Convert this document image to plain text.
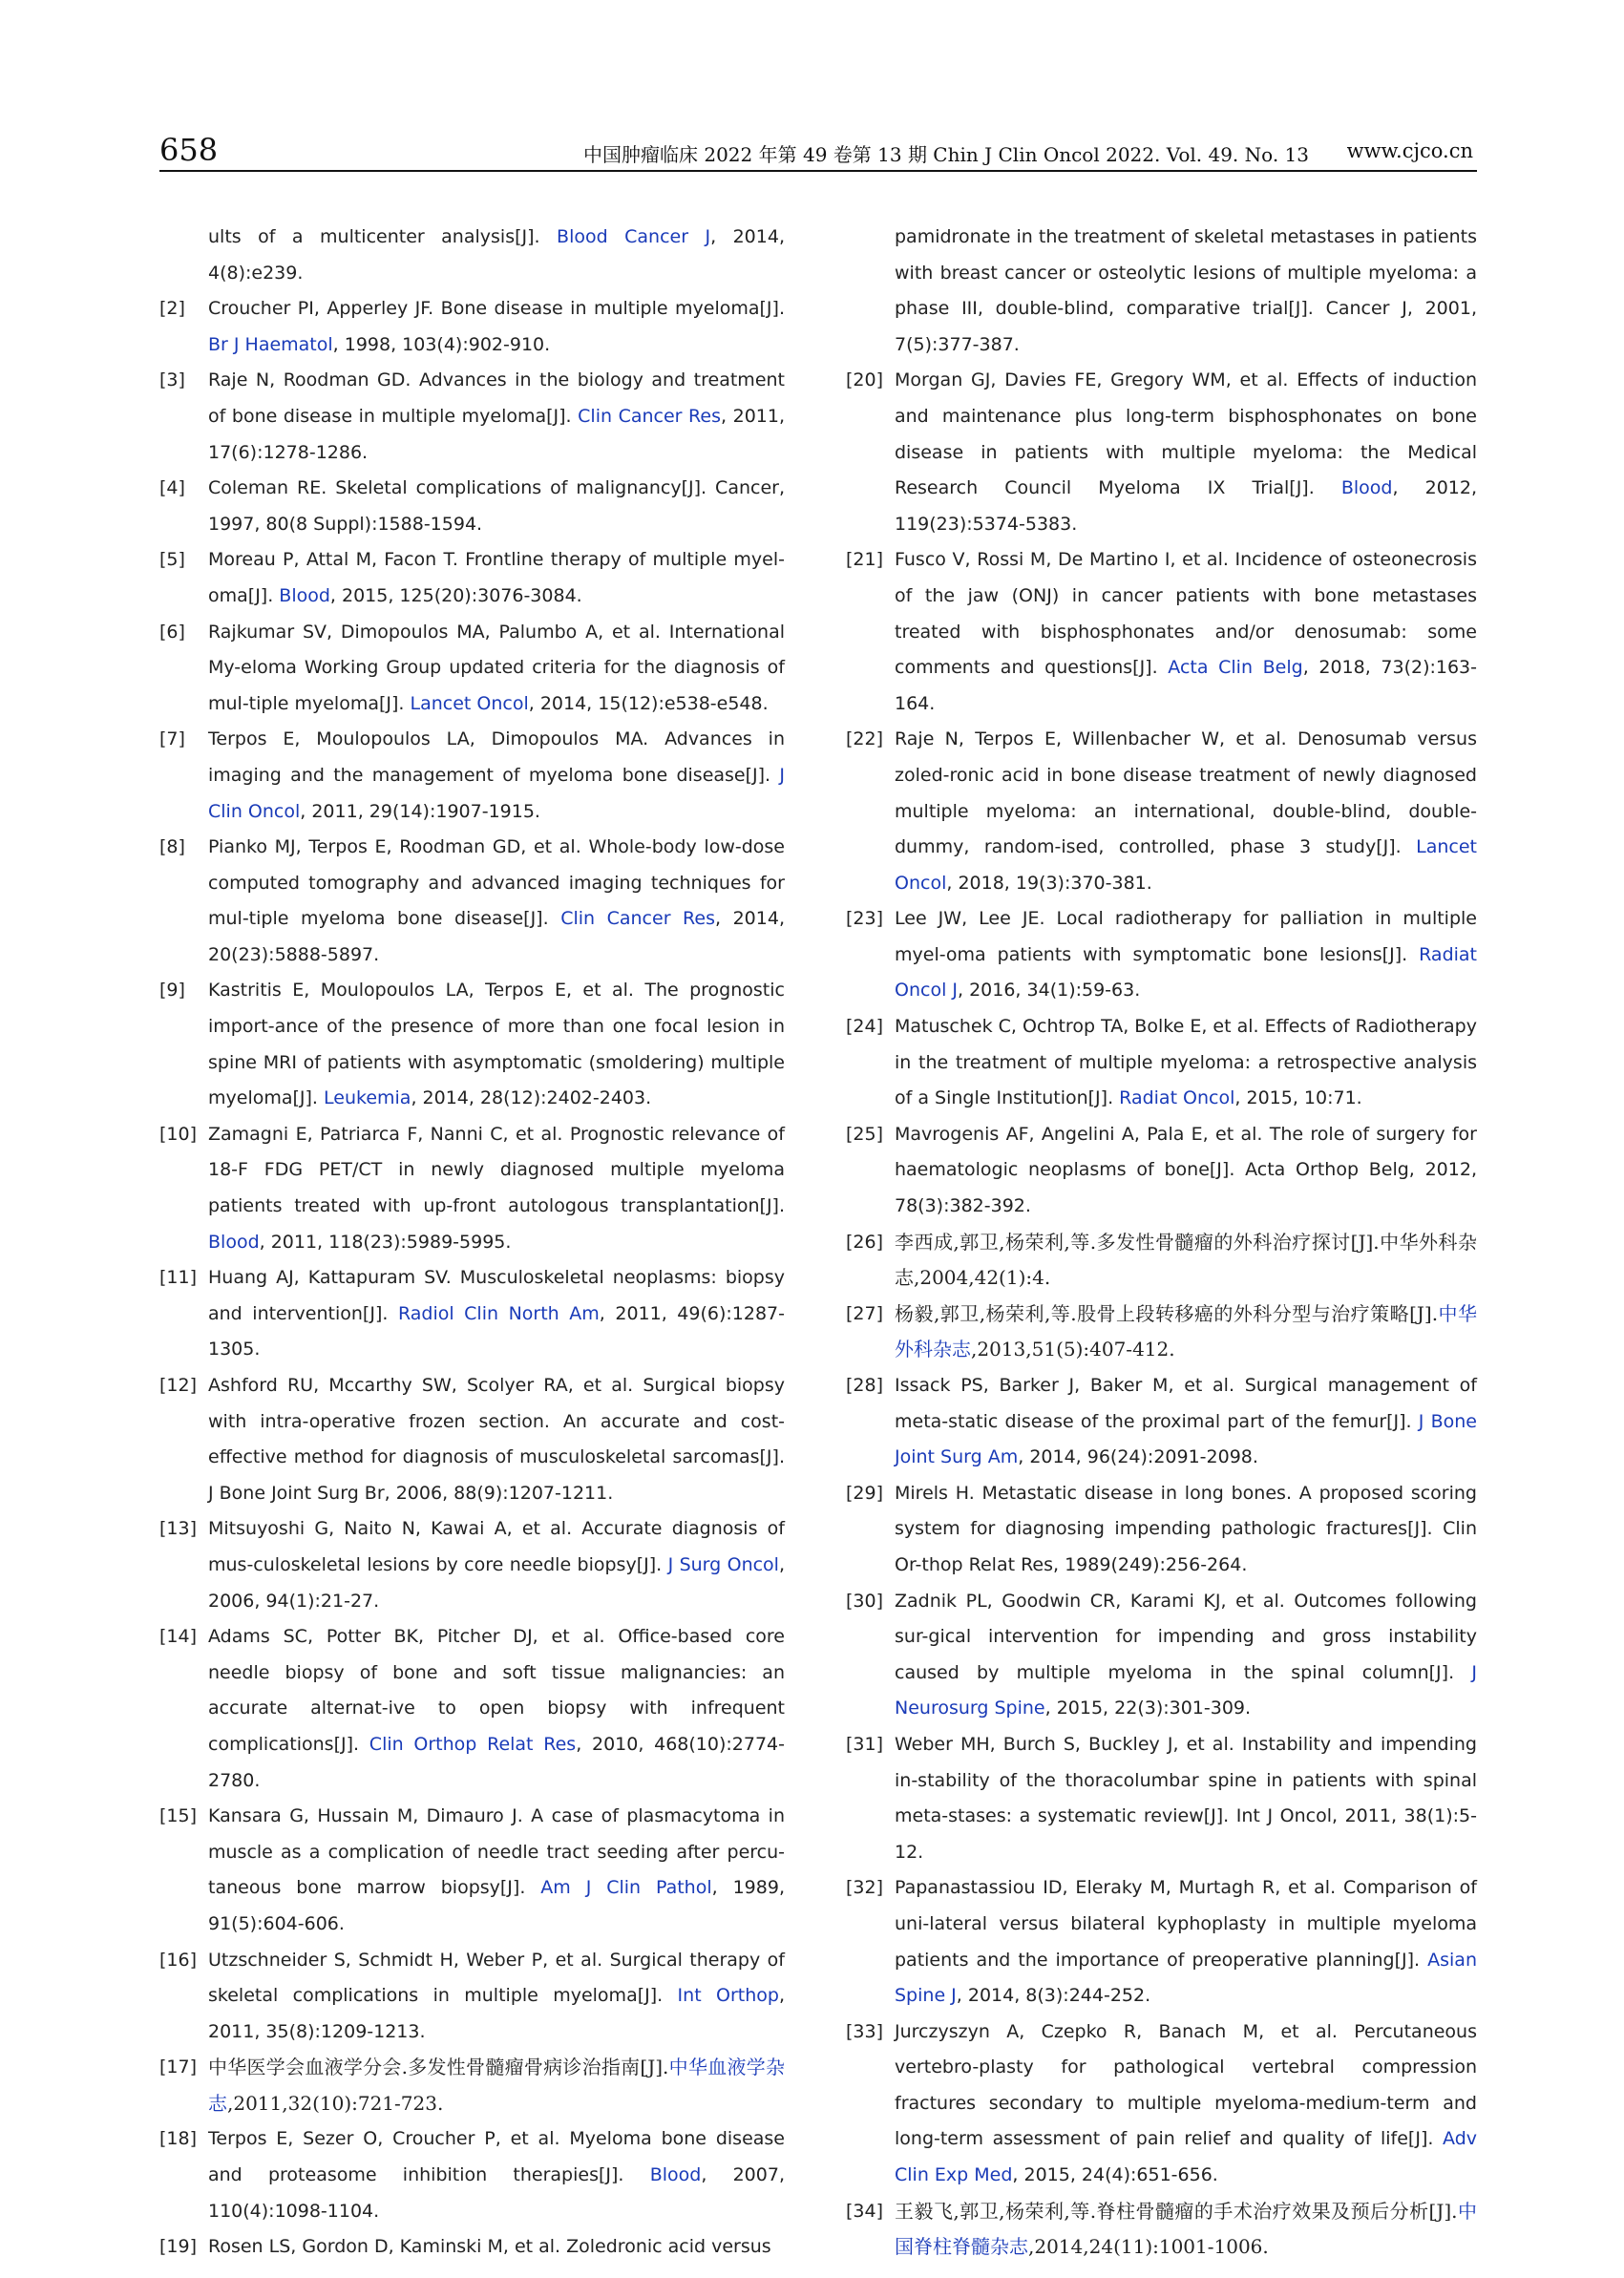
658	中国肿瘤临床 2022 年第 49 卷第 13 期 Chin J Clin Oncol 2022. Vol. 49. No. 13 www.cjco.cn
ults of a multicenter analysis[J]. Blood Cancer J, 2014, 4(8):e239.
[2] Croucher PI, Apperley JF. Bone disease in multiple myeloma[J]. Br J Haematol, 1998, 103(4):902-910.
[3] Raje N, Roodman GD. Advances in the biology and treatment of bone disease in multiple myeloma[J]. Clin Cancer Res, 2011, 17(6):1278-1286.
[4] Coleman RE. Skeletal complications of malignancy[J]. Cancer, 1997, 80(8 Suppl):1588-1594.
[5] Moreau P, Attal M, Facon T. Frontline therapy of multiple myel-oma[J]. Blood, 2015, 125(20):3076-3084.
[6] Rajkumar SV, Dimopoulos MA, Palumbo A, et al. International My-eloma Working Group updated criteria for the diagnosis of mul-tiple myeloma[J]. Lancet Oncol, 2014, 15(12):e538-e548.
[7] Terpos E, Moulopoulos LA, Dimopoulos MA. Advances in imaging and the management of myeloma bone disease[J]. J Clin Oncol, 2011, 29(14):1907-1915.
[8] Pianko MJ, Terpos E, Roodman GD, et al. Whole-body low-dose computed tomography and advanced imaging techniques for mul-tiple myeloma bone disease[J]. Clin Cancer Res, 2014, 20(23):5888-5897.
[9] Kastritis E, Moulopoulos LA, Terpos E, et al. The prognostic import-ance of the presence of more than one focal lesion in spine MRI of patients with asymptomatic (smoldering) multiple myeloma[J]. Leukemia, 2014, 28(12):2402-2403.
[10] Zamagni E, Patriarca F, Nanni C, et al. Prognostic relevance of 18-F FDG PET/CT in newly diagnosed multiple myeloma patients treated with up-front autologous transplantation[J]. Blood, 2011, 118(23):5989-5995.
[11] Huang AJ, Kattapuram SV. Musculoskeletal neoplasms: biopsy and intervention[J]. Radiol Clin North Am, 2011, 49(6):1287-1305.
[12] Ashford RU, Mccarthy SW, Scolyer RA, et al. Surgical biopsy with intra-operative frozen section. An accurate and cost-effective method for diagnosis of musculoskeletal sarcomas[J]. J Bone Joint Surg Br, 2006, 88(9):1207-1211.
[13] Mitsuyoshi G, Naito N, Kawai A, et al. Accurate diagnosis of mus-culoskeletal lesions by core needle biopsy[J]. J Surg Oncol, 2006, 94(1):21-27.
[14] Adams SC, Potter BK, Pitcher DJ, et al. Office-based core needle biopsy of bone and soft tissue malignancies: an accurate alternat-ive to open biopsy with infrequent complications[J]. Clin Orthop Relat Res, 2010, 468(10):2774-2780.
[15] Kansara G, Hussain M, Dimauro J. A case of plasmacytoma in muscle as a complication of needle tract seeding after percu-taneous bone marrow biopsy[J]. Am J Clin Pathol, 1989, 91(5):604-606.
[16] Utzschneider S, Schmidt H, Weber P, et al. Surgical therapy of skeletal complications in multiple myeloma[J]. Int Orthop, 2011, 35(8):1209-1213.
[17] 中华医学会血液学分会.多发性骨髓瘤骨病诊治指南[J].中华血液学杂志,2011,32(10):721-723.
[18] Terpos E, Sezer O, Croucher P, et al. Myeloma bone disease and proteasome inhibition therapies[J]. Blood, 2007, 110(4):1098-1104.
[19] Rosen LS, Gordon D, Kaminski M, et al. Zoledronic acid versus
pamidronate in the treatment of skeletal metastases in patients with breast cancer or osteolytic lesions of multiple myeloma: a phase III, double-blind, comparative trial[J]. Cancer J, 2001, 7(5):377-387.
[20] Morgan GJ, Davies FE, Gregory WM, et al. Effects of induction and maintenance plus long-term bisphosphonates on bone disease in patients with multiple myeloma: the Medical Research Council Myeloma IX Trial[J]. Blood, 2012, 119(23):5374-5383.
[21] Fusco V, Rossi M, De Martino I, et al. Incidence of osteonecrosis of the jaw (ONJ) in cancer patients with bone metastases treated with bisphosphonates and/or denosumab: some comments and questions[J]. Acta Clin Belg, 2018, 73(2):163-164.
[22] Raje N, Terpos E, Willenbacher W, et al. Denosumab versus zoled-ronic acid in bone disease treatment of newly diagnosed multiple myeloma: an international, double-blind, double-dummy, random-ised, controlled, phase 3 study[J]. Lancet Oncol, 2018, 19(3):370-381.
[23] Lee JW, Lee JE. Local radiotherapy for palliation in multiple myel-oma patients with symptomatic bone lesions[J]. Radiat Oncol J, 2016, 34(1):59-63.
[24] Matuschek C, Ochtrop TA, Bolke E, et al. Effects of Radiotherapy in the treatment of multiple myeloma: a retrospective analysis of a Single Institution[J]. Radiat Oncol, 2015, 10:71.
[25] Mavrogenis AF, Angelini A, Pala E, et al. The role of surgery for haematologic neoplasms of bone[J]. Acta Orthop Belg, 2012, 78(3):382-392.
[26] 李西成,郭卫,杨荣利,等.多发性骨髓瘤的外科治疗探讨[J].中华外科杂志,2004,42(1):4.
[27] 杨毅,郭卫,杨荣利,等.股骨上段转移癌的外科分型与治疗策略[J].中华外科杂志,2013,51(5):407-412.
[28] Issack PS, Barker J, Baker M, et al. Surgical management of meta-static disease of the proximal part of the femur[J]. J Bone Joint Surg Am, 2014, 96(24):2091-2098.
[29] Mirels H. Metastatic disease in long bones. A proposed scoring system for diagnosing impending pathologic fractures[J]. Clin Or-thop Relat Res, 1989(249):256-264.
[30] Zadnik PL, Goodwin CR, Karami KJ, et al. Outcomes following sur-gical intervention for impending and gross instability caused by multiple myeloma in the spinal column[J]. J Neurosurg Spine, 2015, 22(3):301-309.
[31] Weber MH, Burch S, Buckley J, et al. Instability and impending in-stability of the thoracolumbar spine in patients with spinal meta-stases: a systematic review[J]. Int J Oncol, 2011, 38(1):5-12.
[32] Papanastassiou ID, Eleraky M, Murtagh R, et al. Comparison of uni-lateral versus bilateral kyphoplasty in multiple myeloma patients and the importance of preoperative planning[J]. Asian Spine J, 2014, 8(3):244-252.
[33] Jurczyszyn A, Czepko R, Banach M, et al. Percutaneous vertebro-plasty for pathological vertebral compression fractures secondary to multiple myeloma-medium-term and long-term assessment of pain relief and quality of life[J]. Adv Clin Exp Med, 2015, 24(4):651-656.
[34] 王毅飞,郭卫,杨荣利,等.脊柱骨髓瘤的手术治疗效果及预后分析[J].中国脊柱脊髓杂志,2014,24(11):1001-1006.
